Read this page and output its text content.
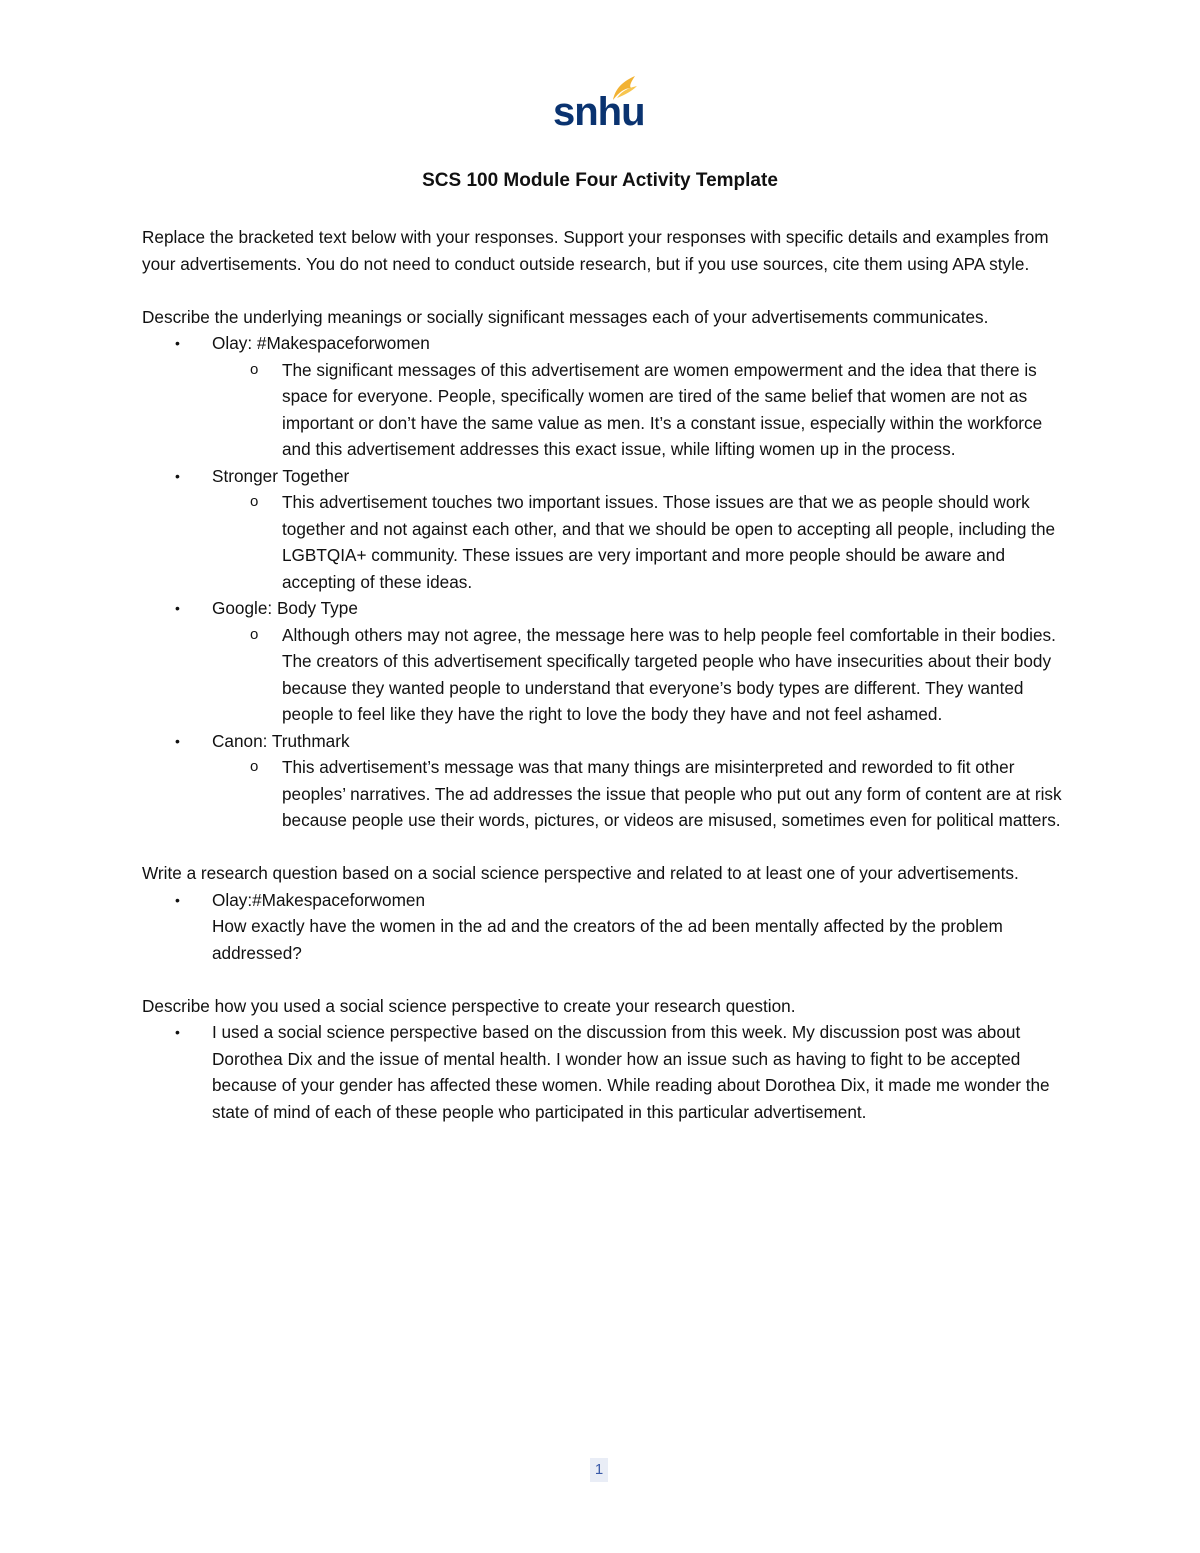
snhu
SCS 100 Module Four Activity Template

Replace the bracketed text below with your responses. Support your responses with specific details and examples from your advertisements. You do not need to conduct outside research, but if you use sources, cite them using APA style.

Describe the underlying meanings or socially significant messages each of your advertisements communicates.

• Olay: #Makespaceforwomen
o The significant messages of this advertisement are women empowerment and the idea that there is space for everyone. People, specifically women are tired of the same belief that women are not as important or don’t have the same value as men. It’s a constant issue, especially within the workforce and this advertisement addresses this exact issue, while lifting women up in the process.
• Stronger Together
o This advertisement touches two important issues. Those issues are that we as people should work together and not against each other, and that we should be open to accepting all people, including the LGBTQIA+ community. These issues are very important and more people should be aware and accepting of these ideas.
• Google: Body Type
o Although others may not agree, the message here was to help people feel comfortable in their bodies. The creators of this advertisement specifically targeted people who have insecurities about their body because they wanted people to understand that everyone’s body types are different. They wanted people to feel like they have the right to love the body they have and not feel ashamed.
• Canon: Truthmark
o This advertisement’s message was that many things are misinterpreted and reworded to fit other peoples’ narratives. The ad addresses the issue that people who put out any form of content are at risk because people use their words, pictures, or videos are misused, sometimes even for political matters.

Write a research question based on a social science perspective and related to at least one of your advertisements.

• Olay:#Makespaceforwomen
How exactly have the women in the ad and the creators of the ad been mentally affected by the problem addressed?

Describe how you used a social science perspective to create your research question.

• I used a social science perspective based on the discussion from this week. My discussion post was about Dorothea Dix and the issue of mental health. I wonder how an issue such as having to fight to be accepted because of your gender has affected these women. While reading about Dorothea Dix, it made me wonder the state of mind of each of these people who participated in this particular advertisement.
1
